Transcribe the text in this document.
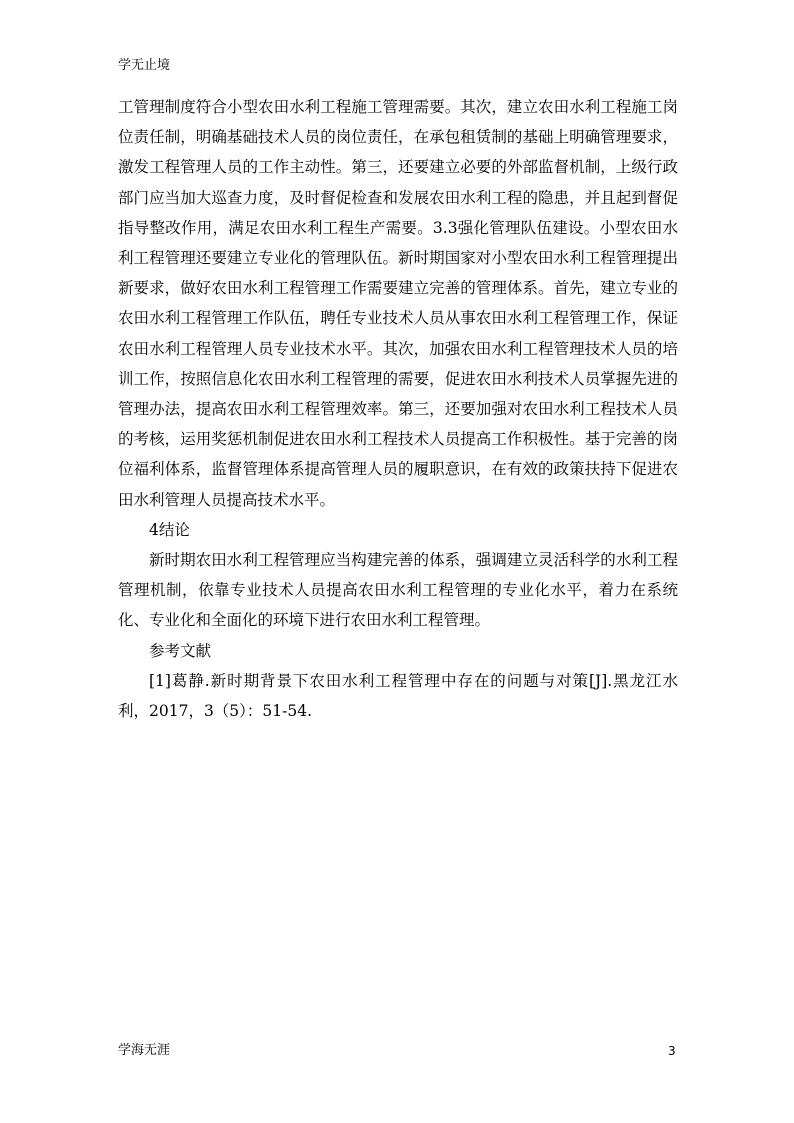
学无止境

工管理制度符合小型农田水利工程施工管理需要。其次，建立农田水利工程施工岗位责任制，明确基础技术人员的岗位责任，在承包租赁制的基础上明确管理要求，激发工程管理人员的工作主动性。第三，还要建立必要的外部监督机制，上级行政部门应当加大巡查力度，及时督促检查和发展农田水利工程的隐患，并且起到督促指导整改作用，满足农田水利工程生产需要。3.3强化管理队伍建设。小型农田水利工程管理还要建立专业化的管理队伍。新时期国家对小型农田水利工程管理提出新要求，做好农田水利工程管理工作需要建立完善的管理体系。首先，建立专业的农田水利工程管理工作队伍，聘任专业技术人员从事农田水利工程管理工作，保证农田水利工程管理人员专业技术水平。其次，加强农田水利工程管理技术人员的培训工作，按照信息化农田水利工程管理的需要，促进农田水利技术人员掌握先进的管理办法，提高农田水利工程管理效率。第三，还要加强对农田水利工程技术人员的考核，运用奖惩机制促进农田水利工程技术人员提高工作积极性。基于完善的岗位福利体系，监督管理体系提高管理人员的履职意识，在有效的政策扶持下促进农田水利管理人员提高技术水平。

4结论

新时期农田水利工程管理应当构建完善的体系，强调建立灵活科学的水利工程管理机制，依靠专业技术人员提高农田水利工程管理的专业化水平，着力在系统化、专业化和全面化的环境下进行农田水利工程管理。

参考文献

[1]葛静.新时期背景下农田水利工程管理中存在的问题与对策[J].黑龙江水利，2017，3（5）：51-54.

学海无涯	3
